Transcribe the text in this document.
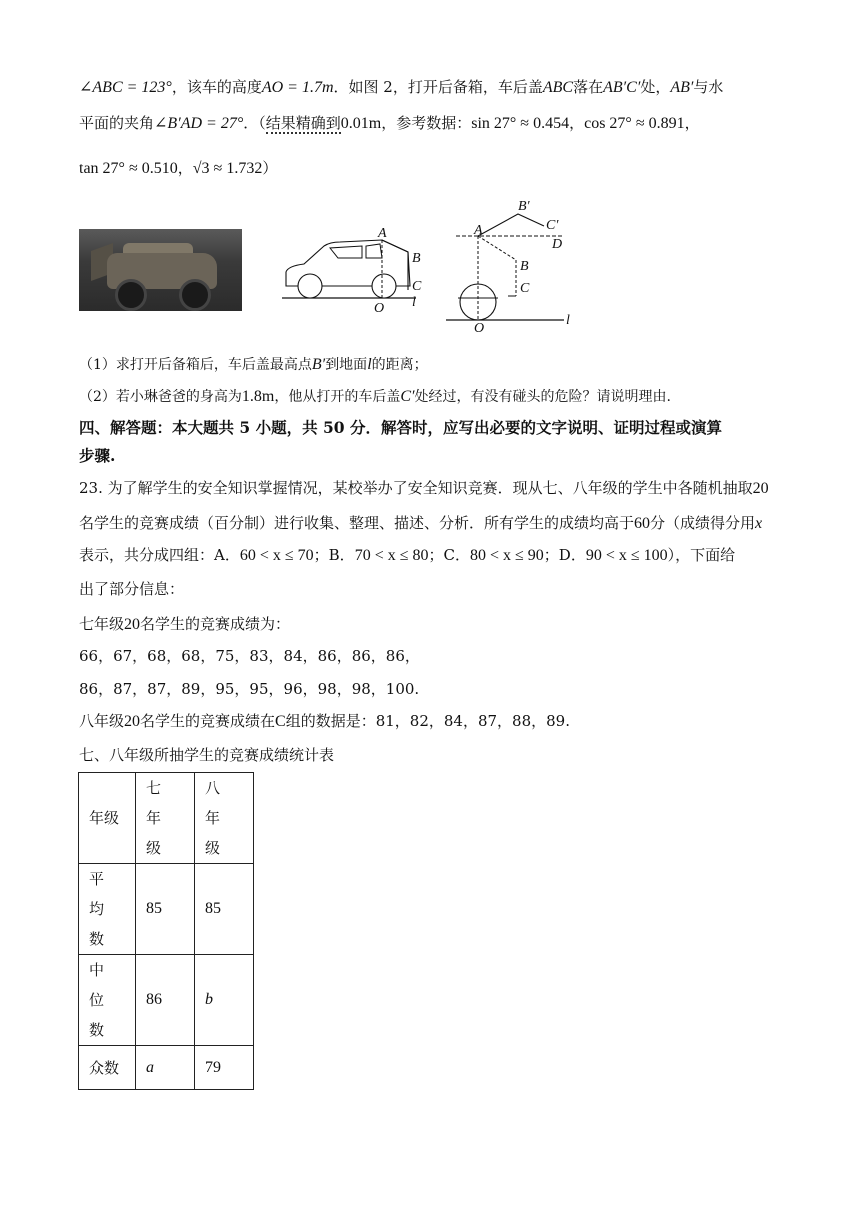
∠ABC = 123°，该车的高度AO = 1.7m．如图 2，打开后备箱，车后盖ABC落在AB′C′处，AB′与水
平面的夹角∠B′AD = 27°．（结果精确到0.01m，参考数据：sin 27° ≈ 0.454，cos 27° ≈ 0.891，
tan 27° ≈ 0.510，√3 ≈ 1.732）
A
B
C
O l
A
B′
C′
D
B
C
O
l
（1）求打开后备箱后，车后盖最高点B′到地面l的距离；
（2）若小琳爸爸的身高为1.8m，他从打开的车后盖C′处经过，有没有碰头的危险？请说明理由.
四、解答题：本大题共 5 小题，共 50 分．解答时，应写出必要的文字说明、证明过程或演算
步骤.
23. 为了解学生的安全知识掌握情况，某校举办了安全知识竞赛．现从七、八年级的学生中各随机抽取20
名学生的竞赛成绩（百分制）进行收集、整理、描述、分析．所有学生的成绩均高于60分（成绩得分用x
表示，共分成四组：A．60 < x ≤ 70；B．70 < x ≤ 80；C．80 < x ≤ 90；D．90 < x ≤ 100），下面给
出了部分信息：
七年级20名学生的竞赛成绩为：
66，67，68，68，75，83，84，86，86，86，
86，87，87，89，95，95，96，98，98，100.
八年级20名学生的竞赛成绩在C组的数据是：81，82，84，87，88，89.
七、八年级所抽学生的竞赛成绩统计表
年级	七年级	八年级
平均数	85	85
中位数	86	b
众数	a	79
